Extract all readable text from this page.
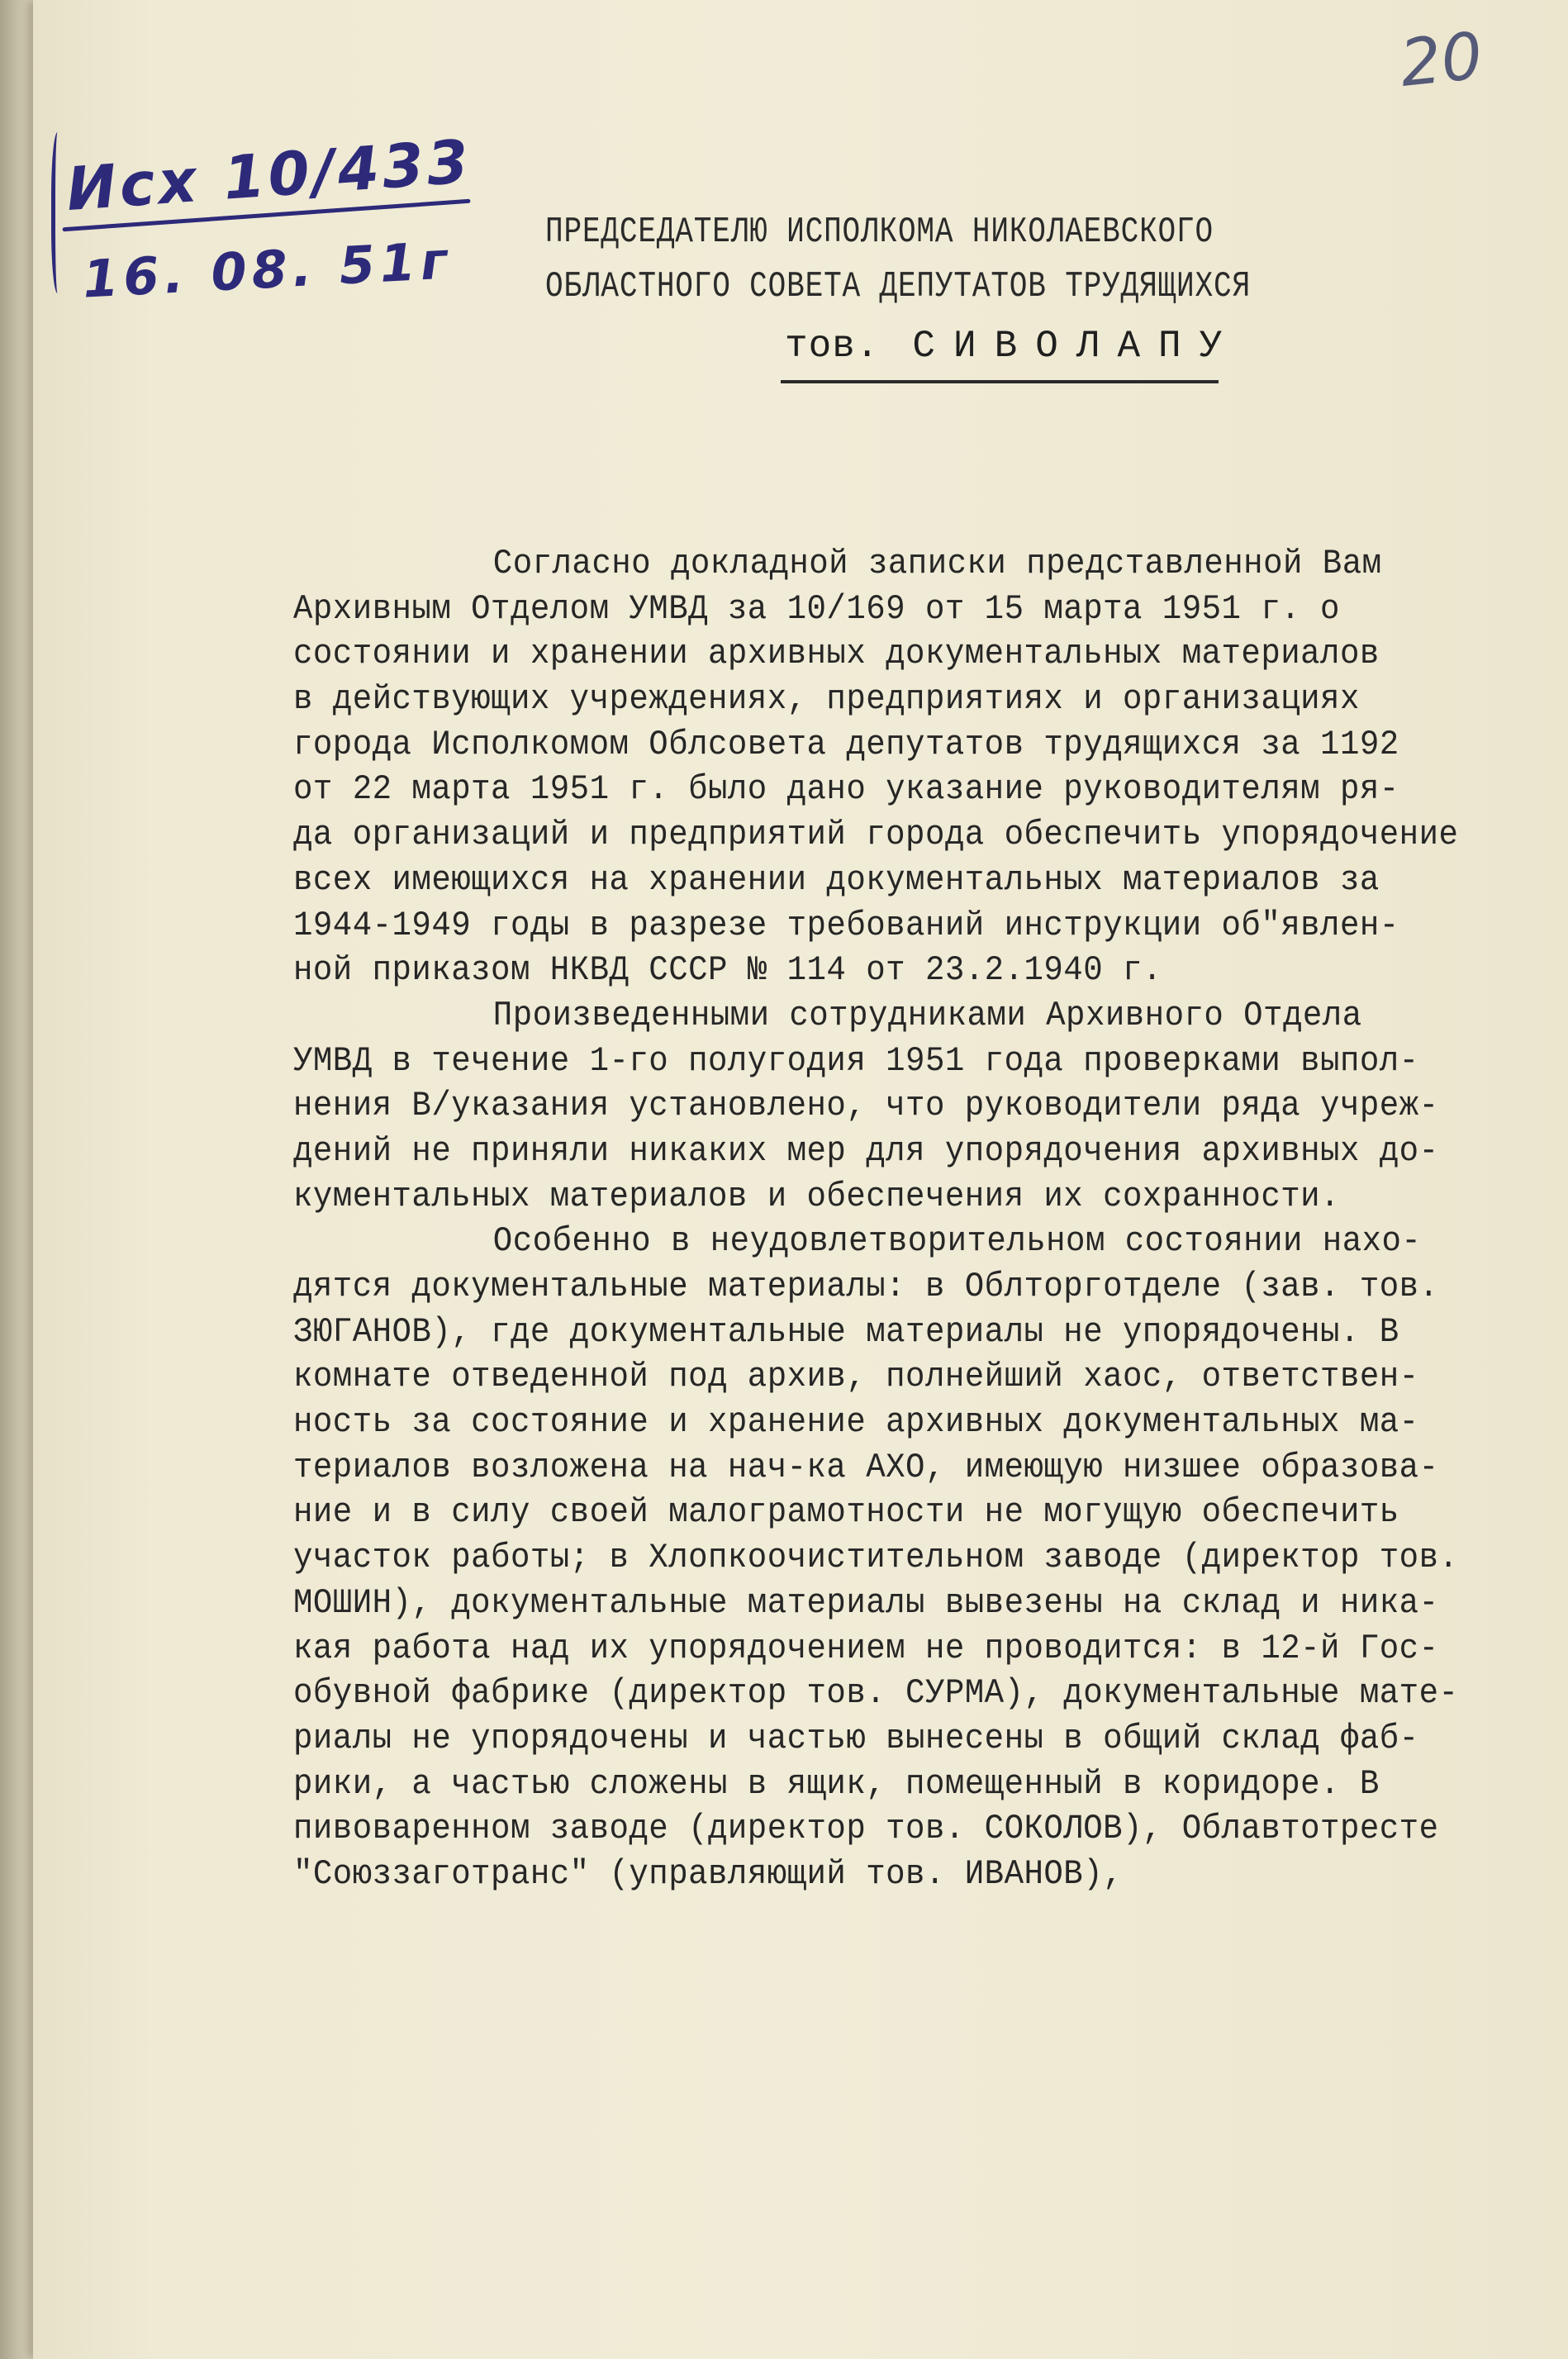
20
Исх 10/433
16. 08. 51г	ПРЕДСЕДАТЕЛЮ ИСПОЛКОМА НИКОЛАЕВСКОГО
ОБЛАСТНОГО СОВЕТА ДЕПУТАТОВ ТРУДЯЩИХСЯ
тов. СИВОЛАПУ
Согласно докладной записки представленной Вам
Архивным Отделом УМВД за 10/169 от 15 марта 1951 г. о
состоянии и хранении архивных документальных материалов
в действующих учреждениях, предприятиях и организациях
города Исполкомом Облсовета депутатов трудящихся за 1192
от 22 марта 1951 г. было дано указание руководителям ря-
да организаций и предприятий города обеспечить упорядочение
всех имеющихся на хранении документальных материалов за
1944-1949 годы в разрезе требований инструкции об"явлен-
ной приказом НКВД СССР № 114 от 23.2.1940 г.
Произведенными сотрудниками Архивного Отдела
УМВД в течение 1-го полугодия 1951 года проверками выпол-
нения В/указания установлено, что руководители ряда учреж-
дений не приняли никаких мер для упорядочения архивных до-
кументальных материалов и обеспечения их сохранности.
Особенно в неудовлетворительном состоянии нахо-
дятся документальные материалы: в Облторготделе (зав. тов.
ЗЮГАНОВ), где документальные материалы не упорядочены. В
комнате отведенной под архив, полнейший хаос, ответствен-
ность за состояние и хранение архивных документальных ма-
териалов возложена на нач-ка АХО, имеющую низшее образова-
ние и в силу своей малограмотности не могущую обеспечить
участок работы; в Хлопкоочистительном заводе (директор тов.
МОШИН), документальные материалы вывезены на склад и ника-
кая работа над их упорядочением не проводится: в 12-й Гос-
обувной фабрике (директор тов. СУРМА), документальные мате-
риалы не упорядочены и частью вынесены в общий склад фаб-
рики, а частью сложены в ящик, помещенный в коридоре. В
пивоваренном заводе (директор тов. СОКОЛОВ), Облавтотресте
"Союззаготранс" (управляющий тов. ИВАНОВ),
